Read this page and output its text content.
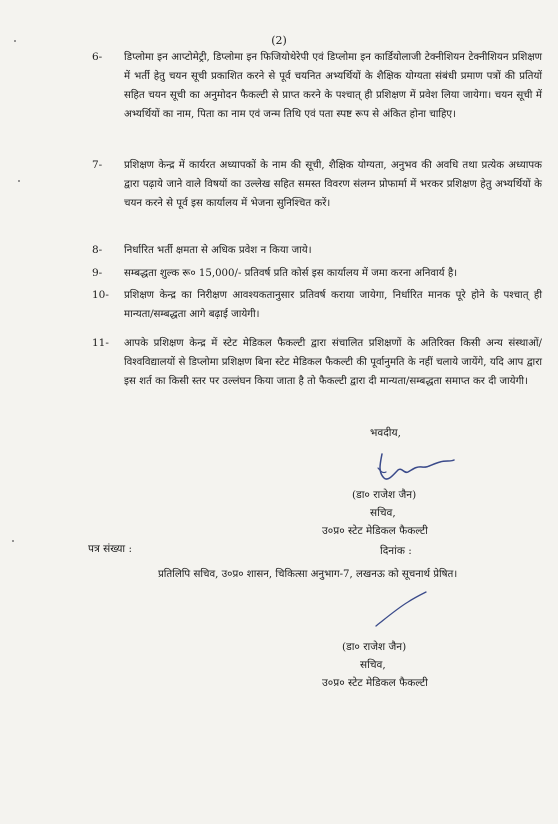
(2)
6- डिप्लोमा इन आप्टोमेट्री, डिप्लोमा इन फिजियोथेरेपी एवं डिप्लोमा इन कार्डियोलाजी टेक्नीशियन टेक्नीशियन प्रशिक्षण में भर्ती हेतु चयन सूची प्रकाशित करने से पूर्व चयनित अभ्यर्थियों के शैक्षिक योग्यता संबंधी प्रमाण पत्रों की प्रतियों सहित चयन सूची का अनुमोदन फैकल्टी से प्राप्त करने के पश्चात् ही प्रशिक्षण में प्रवेश लिया जायेगा। चयन सूची में अभ्यर्थियों का नाम, पिता का नाम एवं जन्म तिथि एवं पता स्पष्ट रूप से अंकित होना चाहिए।
7- प्रशिक्षण केन्द्र में कार्यरत अध्यापकों के नाम की सूची, शैक्षिक योग्यता, अनुभव की अवधि तथा प्रत्येक अध्यापक द्वारा पढ़ाये जाने वाले विषयों का उल्लेख सहित समस्त विवरण संलग्न प्रोफार्मा में भरकर प्रशिक्षण हेतु अभ्यर्थियों के चयन करने से पूर्व इस कार्यालय में भेजना सुनिश्चित करें।
8- निर्धारित भर्ती क्षमता से अधिक प्रवेश न किया जाये।
9- सम्बद्धता शुल्क रू० 15,000/- प्रतिवर्ष प्रति कोर्स इस कार्यालय में जमा करना अनिवार्य है।
10- प्रशिक्षण केन्द्र का निरीक्षण आवश्यकतानुसार प्रतिवर्ष कराया जायेगा, निर्धारित मानक पूरे होने के पश्चात् ही मान्यता/सम्बद्धता आगे बढ़ाई जायेगी।
11- आपके प्रशिक्षण केन्द्र में स्टेट मेडिकल फैकल्टी द्वारा संचालित प्रशिक्षणों के अतिरिक्त किसी अन्य संस्थाओं/विश्वविद्यालयों से डिप्लोमा प्रशिक्षण बिना स्टेट मेडिकल फैकल्टी की पूर्वानुमति के नहीं चलाये जायेंगे, यदि आप द्वारा इस शर्त का किसी स्तर पर उल्लंघन किया जाता है तो फैकल्टी द्वारा दी मान्यता/सम्बद्धता समाप्त कर दी जायेगी।
भवदीय,
(डा० राजेश जैन)
सचिव,
उ०प्र० स्टेट मेडिकल फैकल्टी
पत्र संख्या :	दिनांक :
प्रतिलिपि सचिव, उ०प्र० शासन, चिकित्सा अनुभाग-7, लखनऊ को सूचनार्थ प्रेषित।
(डा० राजेश जैन)
सचिव,
उ०प्र० स्टेट मेडिकल फैकल्टी
